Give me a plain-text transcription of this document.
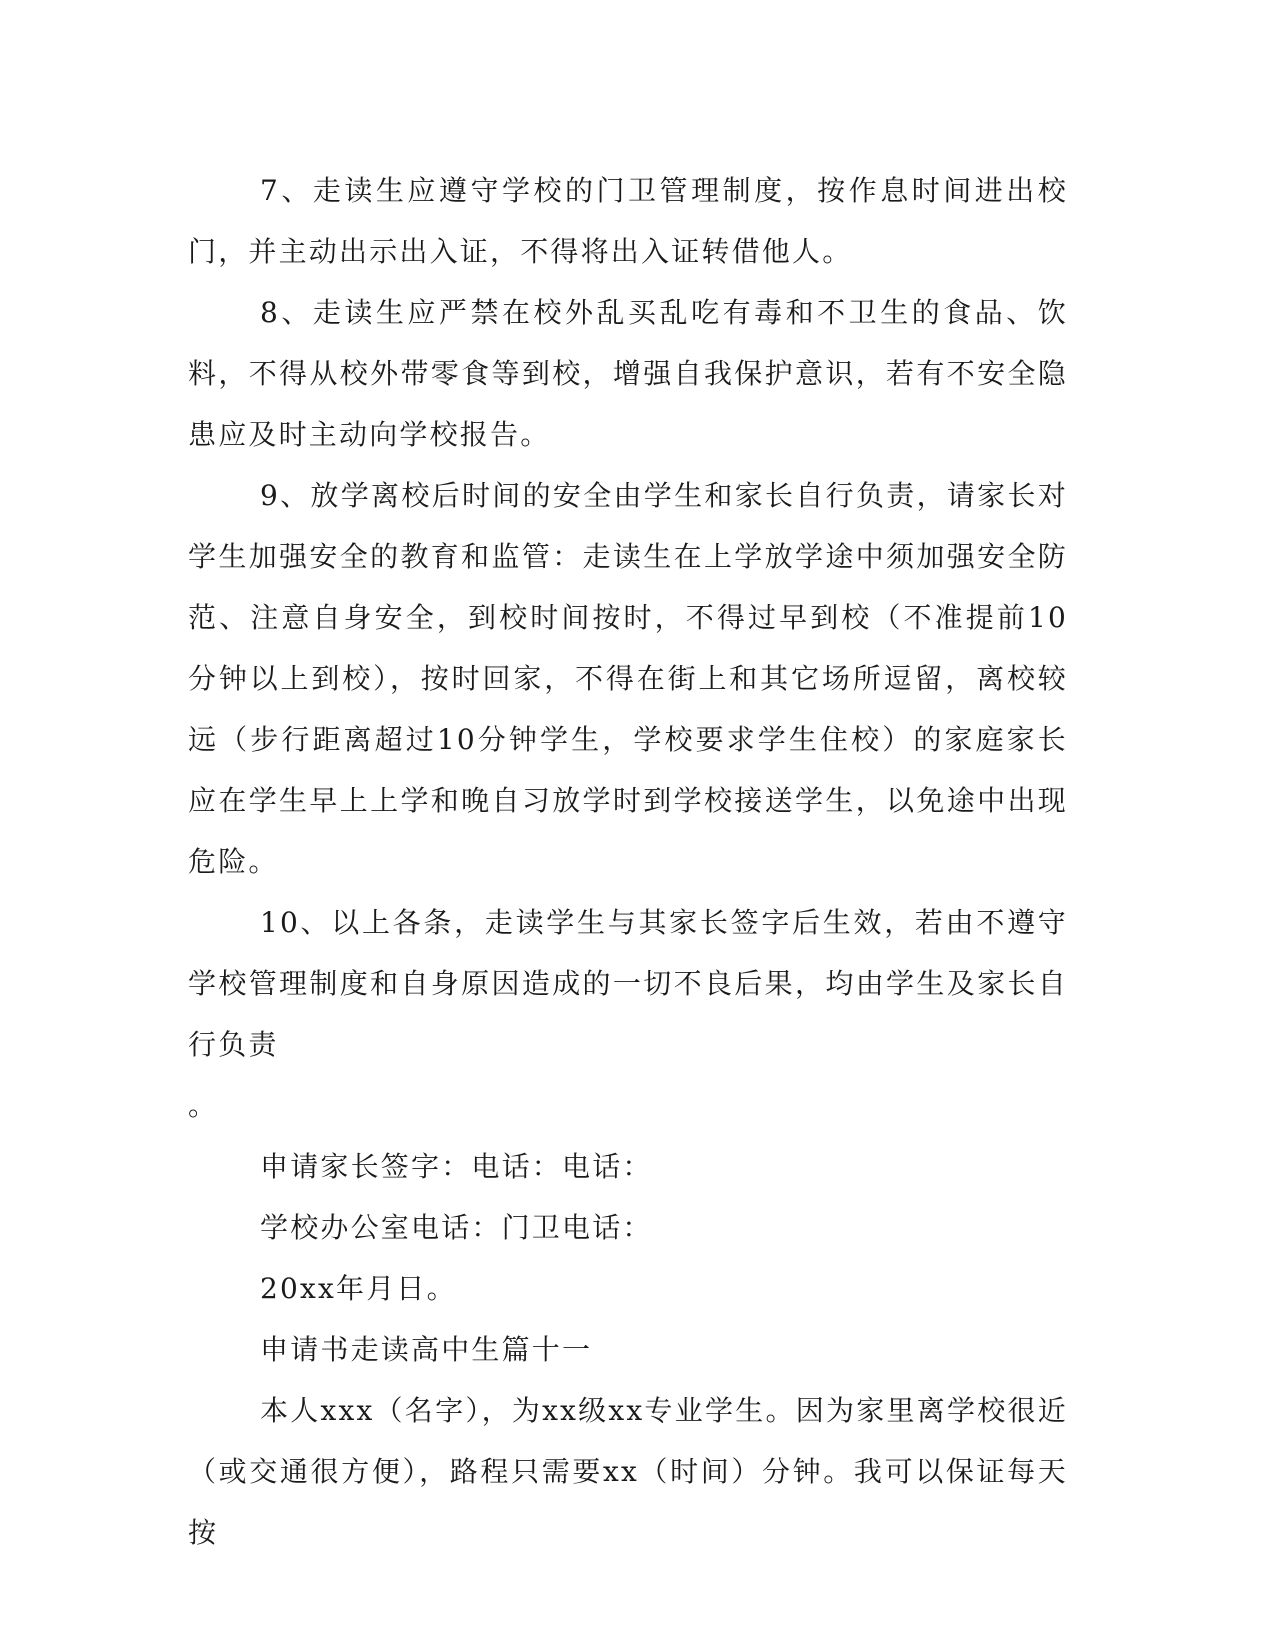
7、走读生应遵守学校的门卫管理制度，按作息时间进出校门，并主动出示出入证，不得将出入证转借他人。

8、走读生应严禁在校外乱买乱吃有毒和不卫生的食品、饮料，不得从校外带零食等到校，增强自我保护意识，若有不安全隐患应及时主动向学校报告。

9、放学离校后时间的安全由学生和家长自行负责，请家长对学生加强安全的教育和监管：走读生在上学放学途中须加强安全防范、注意自身安全，到校时间按时，不得过早到校（不准提前10分钟以上到校），按时回家，不得在街上和其它场所逗留，离校较远（步行距离超过10分钟学生，学校要求学生住校）的家庭家长应在学生早上上学和晚自习放学时到学校接送学生，以免途中出现危险。

10、以上各条，走读学生与其家长签字后生效，若由不遵守学校管理制度和自身原因造成的一切不良后果，均由学生及家长自行负责

。

申请家长签字：电话：电话：

学校办公室电话：门卫电话：

20xx年月日。

申请书走读高中生篇十一

本人xxx（名字），为xx级xx专业学生。因为家里离学校很近（或交通很方便），路程只需要xx（时间）分钟。我可以保证每天按
